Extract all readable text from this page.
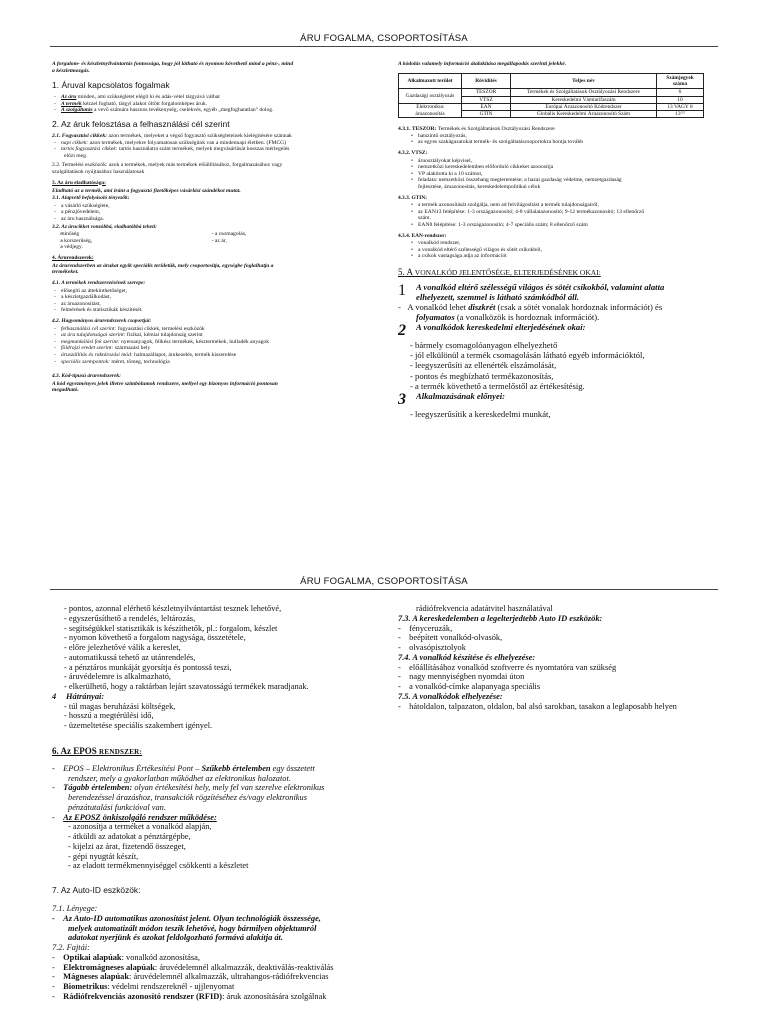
ÁRU FOGALMA, CSOPORTOSÍTÁSA
A forgalom- és készletnyilvántartás fontossága, hogy jól látható és nyomon követhető mind a pénz-, mind
a készletmozgás.
1. Áruval kapcsolatos fogalmak
- Az áru minden, ami szükségletet elégít ki és adás-vétel tárgyává válhat
- A termék kézzel fogható, tárgyi alakot öltött forgalomképes áruk.
- A szolgáltatás a vevő számára hasznos tevékenység, cselekvés, egyéb „megfoghatatlan" dolog.
2. Az áruk felosztása a felhasználási cél szerint
2.1. Fogyasztási cikkek: azon termékek, melyeket a végső fogyasztó szükségleteinek kielégítésére szánnak
- napi cikkek: azon termékek, melyekre folyamatosan szükségünk van a mindennapi életben. (FMCG)
- tartós fogyasztási cikkek: tartós használatra szánt termékek, melyek megvásárlását hosszas mérlegelés
előzi meg.
2.2. Termelési eszközök: azok a termékek, melyek más termékek előállításához, forgalmazásához vagy
szolgáltatások nyújtásához használatosak
3. Az áru eladhatósága:
Eladható az a termék, ami iránt a fogyasztó fizetőképes vásárlási szándékot mutat.
3.1. Alapvető befolyásoló tényezők:
- a vásárló szükséglete,
- a pénzjövedelem,
- az áru használsága.
3.2. Az árucikket vonzóbbá, eladhatóbbá teheti:
- minőség	- a csomagolás,
- a korszerűség,	- az ár,
- a védjegy.
4. Árurendszerek:
Az árurendszerben az árukat egyik speciális területük, mely csoportosítja, egységbe foglalhatja a
termékeket.
4.1. A termékek rendszerezésének szerepe:
- elősegíti az áttekinthetőséget,
- a készletgazdálkodást,
- az áruazonosítást,
- felmérések és statisztikák készítését.
4.2. Hagyományos árurendszerek csoportjai:
- felhasználási cél szerint: fogyasztási cikkek, termelési eszközök
- az áru tulajdonságai szerint: fizikai, kémiai tulajdonság szerint
- megmunkálási fok szerint: nyersanyagok, félkész termékek, késztermékek, hulladék anyagok
- földrajzi eredet szerint: származási hely
- áruszállítás és raktározási mód: halmazállapot, árukezelés, termék kiszerelése
- speciális szempontok: méret, tömeg, technológia
4.3. Kód-típusú árurendszerek:
A kód egyezményes jelek illetve szimbólumok rendszere, mellyel egy bizonyos információ pontosan
megadható.
A kódolás valamely információ átalakítása megállapodás szerinti jelekké.
Alkalmazott terület	Rövidítés	Teljes név	Számjegyek száma
Gazdasági osztályozás	TESZOR	Termékek és Szolgáltatások Osztályozási Rendszere	6
	VTSZ	Kereskedelmi Vámtarifaszám	10
Elektronikus áruazonosítás	EAN	Európai Áruazonosító Kódrendszer	13 VAGY 8
	GTIN	Globális Kereskedelmi Áruazonosító Szám	13⁽²⁾
4.3.1. TESZOR: Termékek és Szolgáltatások Osztályozási Rendszere
• hatszintű osztályozás,
• az egyes szakágazatokat termék- és szolgáltatáscsoportokra bontja tovább
4.3.2. VTSZ:
• áruosztályokat képvisel,
• nemzetközi kereskedelemben előforduló cikkeket azonosítja
• VP alakította ki a 10 számot,
• feladata: nemzetközi összehang megteremtése; a hazai gazdaság védelme, nemzetgazdaság
fejlesztése, áruazonosítás, kereskedelempolitikai célok
4.3.3. GTIN:
• a termék azonosítását szolgálja, nem ad felvilágosítást a termék tulajdonságairól,
• az EAN13 felépítése: 1-3 országazonosító; 4-8 vállalatazonosító; 9-12 termékazonosító; 13 ellenőrző
szám.
• EAN8 felépítése: 1-3 országazonosító; 4-7 speciális szám; 8 ellenőrző szám
4.3.4. EAN-rendszer:
• vonalkód rendszer,
• a vonalkód eltérő szélességű világos és sötét csíkokból,
• a csíkok vastagsága adja az információt
5. A VONALKÓD JELENTŐSÉGE, ELTERJEDÉSÉNEK OKAI:
1	A vonalkód eltérő szélességű világos és sötét csíkokból, valamint alatta
elhelyezett, szemmel is látható számkódból áll.
-   A vonalkód lehet diszkrét (csak a sötét vonalak hordoznak információt) és
folyamatos (a vonalközök is hordoznak információt).
2	A vonalkódok kereskedelmi elterjedésének okai:
- bármely csomagolóanyagon elhelyezhető
- jól elkülönül a termék csomagolásán látható egyéb információktól,
- leegyszerűsíti az ellenérték elszámolását,
- pontos és megbízható termékazonosítás,
- a termék követhető a termelőstől az értékesítésig.
3	Alkalmazásának előnyei:
- leegyszerűsítik a kereskedelmi munkát,
ÁRU FOGALMA, CSOPORTOSÍTÁSA
- pontos, azonnal elérhető készletnyilvántartást tesznek lehetővé,
- egyszerűsíthető a rendelés, leltározás,
- segítségükkel statisztikák is készíthetők, pl.: forgalom, készlet
- nyomon követhető a forgalom nagysága, összetétele,
- előre jelezhetővé válik a kereslet,
- automatikussá tehető az utánrendelés,
- a pénztáros munkáját gyorsítja és pontossá teszi,
- áruvédelemre is alkalmazható,
- elkerülhető, hogy a raktárban lejárt szavatosságú termékek maradjanak.
4 Hátrányai:
- túl magas beruházási költségek,
- hosszú a megtérülési idő,
- üzemeltetése speciális szakembert igényel.
6. Az EPOS RENDSZER:
-    EPOS – Elektronikus Értékesítési Pont – Szűkebb értelemben egy összetett
rendszer, mely a gyakorlatban működhet az elektronikus halozatot.
-    Tágabb értelemben: olyan értékesítési hely, mely fel van szerelve elektronikus
berendezéssel árazáshoz, transakciók rögzítéséhez és/vagy elektronikus
pénzátutalási funkcióval van.
-    Az EPOSZ önkiszolgáló rendszer működése:
- azonosítja a terméket a vonalkód alapján,
- átküldi az adatokat a pénztárgépbe,
- kijelzi az árat, fizetendő összeget,
- gépi nyugtát készít,
- az eladott termékmennyiséggel csökkenti a készletet
7. Az Auto-ID eszközök:
7.1. Lényege:
-    Az Auto-ID automatikus azonosítást jelent. Olyan technológiák összessége,
melyek automatizált módon teszik lehetővé, hogy bármilyen objektumról
adatokat nyerjünk és azokat feldolgozható formává alakítja át.
7.2. Fajtái:
-    Optikai alapúak: vonalkód azonosítása,
-    Elektromágneses alapúak: áruvédelemnél alkalmazzák, deaktiválás-reaktiválás
-    Mágneses alapúak: áruvédelemnél alkalmazzák, ultrahangos-rádiófrekvencias
-    Biometrikus: védelmi rendszereknél - ujjlenyomat
-    Rádiófrekvenciás azonosító rendszer (RFID): áruk azonosítására szolgálnak
rádiófrekvencia adatátvitel használatával
7.3. A kereskedelemben a legelterjedtebb Auto ID eszközök:
-    fényceruzák,
-    beépített vonalkód-olvasók,
-    olvasópisztolyok
7.4. A vonalkód készítése és elhelyezése:
-    előállításához vonalkód szoftverre és nyomtatóra van szükség
-    nagy mennyiségben nyomdai úton
-    a vonalkód-címke alapanyaga speciális
7.5. A vonalkódok elhelyezése:
-    hátoldalon, talpazaton, oldalon, bal alsó sarokban, tasakon a leglaposabb helyen
